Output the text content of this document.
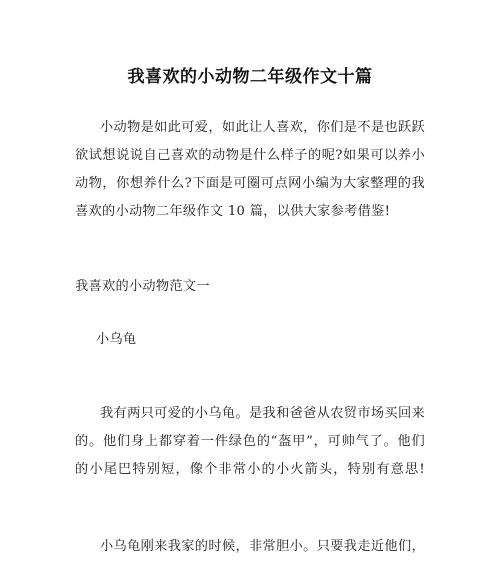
我喜欢的小动物二年级作文十篇

小动物是如此可爱，如此让人喜欢，你们是不是也跃跃
欲试想说说自己喜欢的动物是什么样子的呢?如果可以养小
动物，你想养什么?下面是可圈可点网小编为大家整理的我
喜欢的小动物二年级作文 10 篇，以供大家参考借鉴!

我喜欢的小动物范文一
小乌龟

我有两只可爱的小乌龟。是我和爸爸从农贸市场买回来
的。他们身上都穿着一件绿色的“盔甲”，可帅气了。他们
的小尾巴特别短，像个非常小的小火箭头，特别有意思!

小乌龟刚来我家的时候，非常胆小。只要我走近他们，
